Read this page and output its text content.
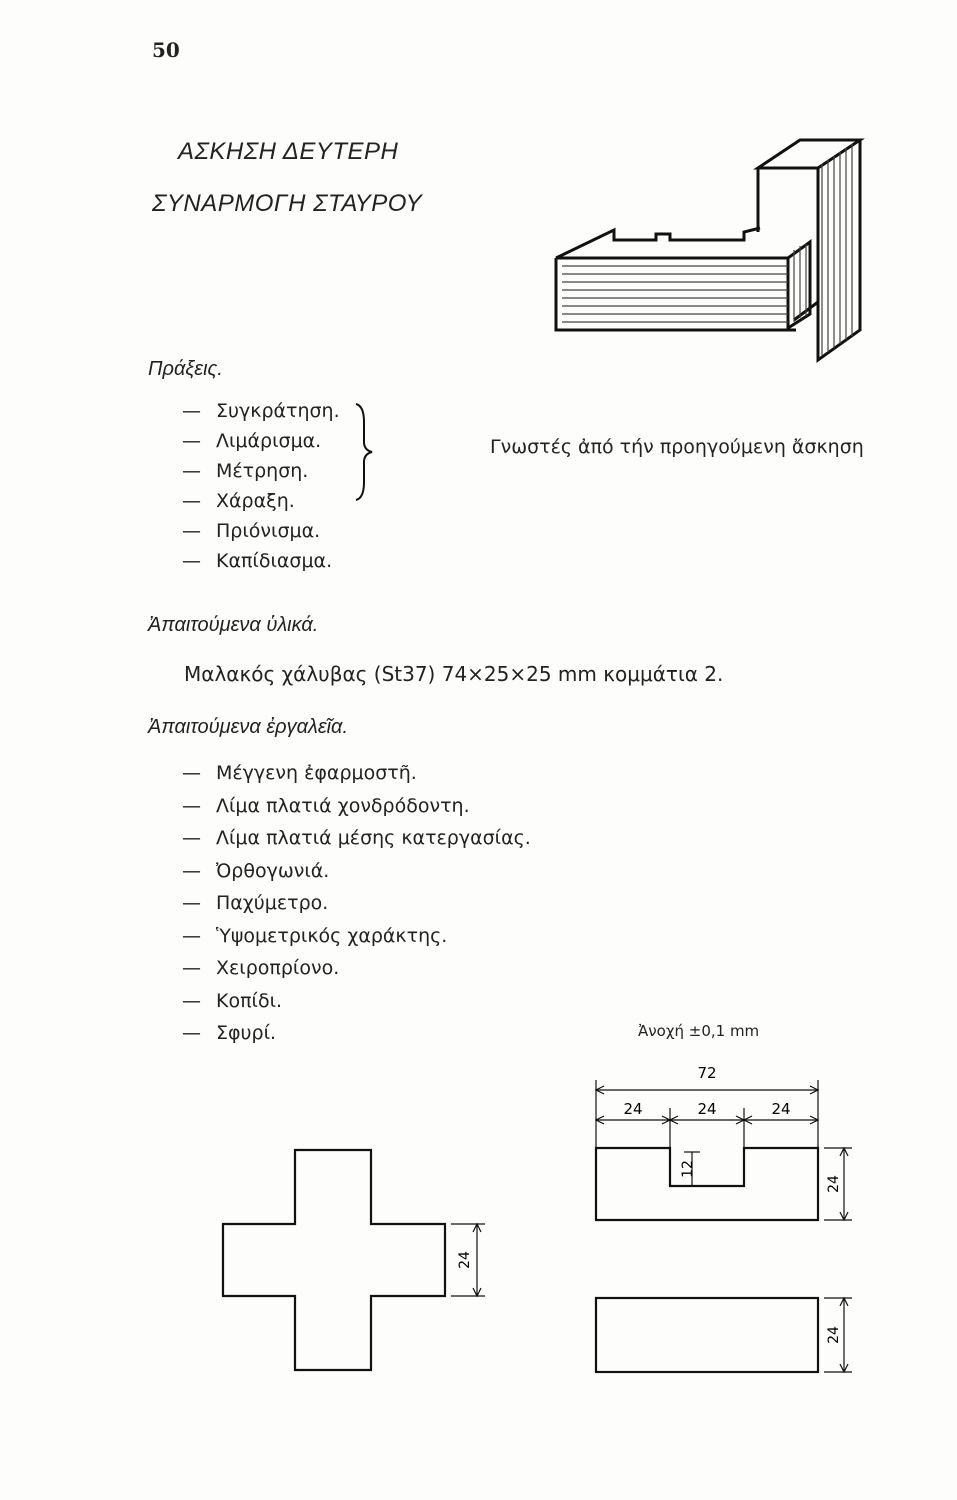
50
ΑΣΚΗΣΗ ΔΕΥΤΕΡΗ
ΣΥΝΑΡΜΟΓΗ ΣΤΑΥΡΟΥ
Πράξεις.
— Συγκράτηση.
— Λιμάρισμα.
— Μέτρηση.
— Χάραξη.
— Πριόνισμα.
— Καπίδιασμα.
Γνωστές ἀπό τήν προηγούμενη ἄσκηση
Ἀπαιτούμενα ὑλικά.
Μαλακός χάλυβας (St37) 74×25×25 mm κομμάτια 2.
Ἀπαιτούμενα ἐργαλεῖα.
— Μέγγενη ἐφαρμοστῆ.
— Λίμα πλατιά χονδρόδοντη.
— Λίμα πλατιά μέσης κατεργασίας.
— Ὀρθογωνιά.
— Παχύμετρο.
— Ὑψομετρικός χαράκτης.
— Χειροπρίονο.
— Κοπίδι.
— Σφυρί.
24
Ἀνοχή ±0,1 mm
72
24	24	24
12
24
24
